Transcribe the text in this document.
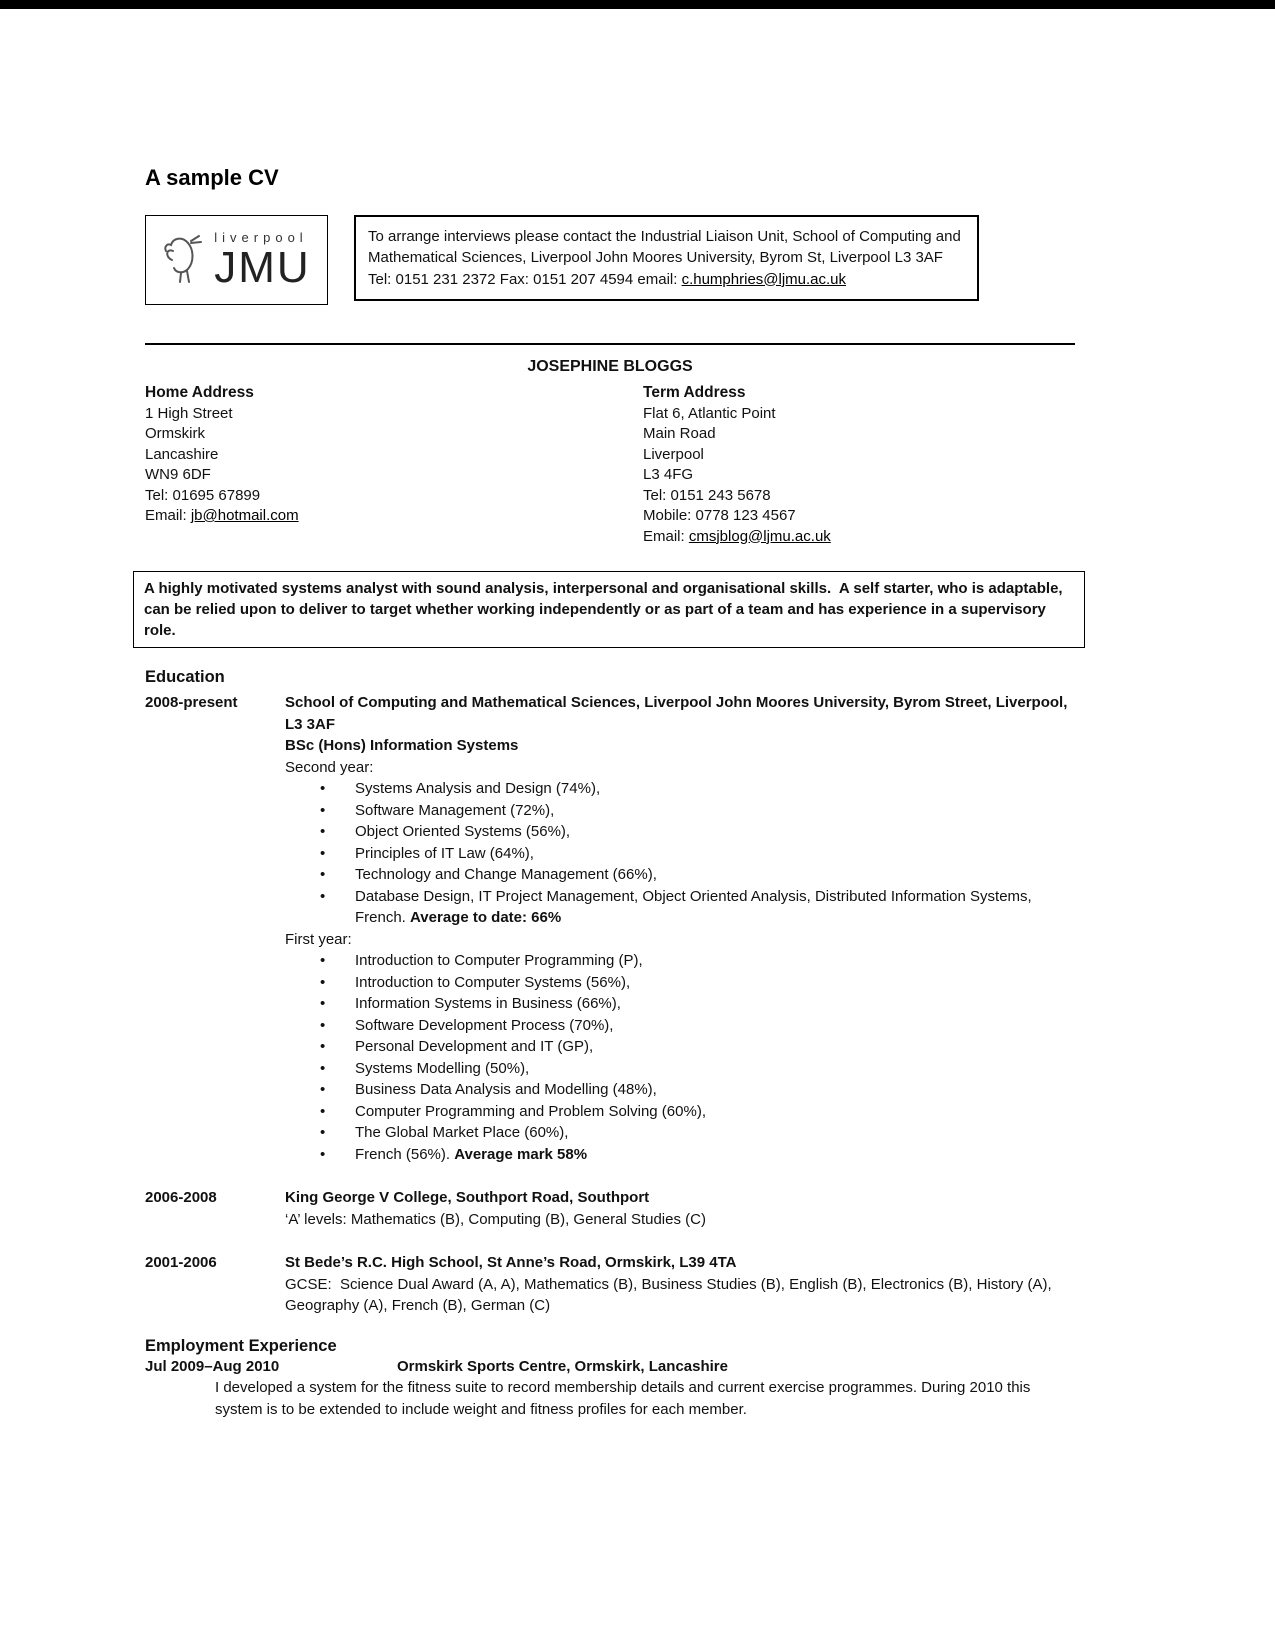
A sample CV
liverpool
JMU
To arrange interviews please contact the Industrial Liaison Unit, School of Computing and Mathematical Sciences, Liverpool John Moores University, Byrom St, Liverpool L3 3AF
Tel: 0151 231 2372 Fax: 0151 207 4594 email: c.humphries@ljmu.ac.uk
JOSEPHINE BLOGGS
Home Address
1 High Street
Ormskirk
Lancashire
WN9 6DF
Tel: 01695 67899
Email: jb@hotmail.com
Term Address
Flat 6, Atlantic Point
Main Road
Liverpool
L3 4FG
Tel: 0151 243 5678
Mobile: 0778 123 4567
Email: cmsjblog@ljmu.ac.uk
A highly motivated systems analyst with sound analysis, interpersonal and organisational skills.  A self starter, who is adaptable, can be relied upon to deliver to target whether working independently or as part of a team and has experience in a supervisory role.
Education
2008-present	School of Computing and Mathematical Sciences, Liverpool John Moores University, Byrom Street, Liverpool, L3 3AF
BSc (Hons) Information Systems
Second year:
•	Systems Analysis and Design (74%),
•	Software Management (72%),
•	Object Oriented Systems (56%),
•	Principles of IT Law (64%),
•	Technology and Change Management (66%),
•	Database Design, IT Project Management, Object Oriented Analysis, Distributed Information Systems, French. Average to date: 66%
First year:
•	Introduction to Computer Programming (P),
•	Introduction to Computer Systems (56%),
•	Information Systems in Business (66%),
•	Software Development Process (70%),
•	Personal Development and IT (GP),
•	Systems Modelling (50%),
•	Business Data Analysis and Modelling (48%),
•	Computer Programming and Problem Solving (60%),
•	The Global Market Place (60%),
•	French (56%). Average mark 58%
2006-2008	King George V College, Southport Road, Southport
‘A’ levels: Mathematics (B), Computing (B), General Studies (C)
2001-2006	St Bede’s R.C. High School, St Anne’s Road, Ormskirk, L39 4TA
GCSE:  Science Dual Award (A, A), Mathematics (B), Business Studies (B), English (B), Electronics (B), History (A), Geography (A), French (B), German (C)
Employment Experience
Jul 2009–Aug 2010	Ormskirk Sports Centre, Ormskirk, Lancashire
I developed a system for the fitness suite to record membership details and current exercise programmes. During 2010 this system is to be extended to include weight and fitness profiles for each member.
